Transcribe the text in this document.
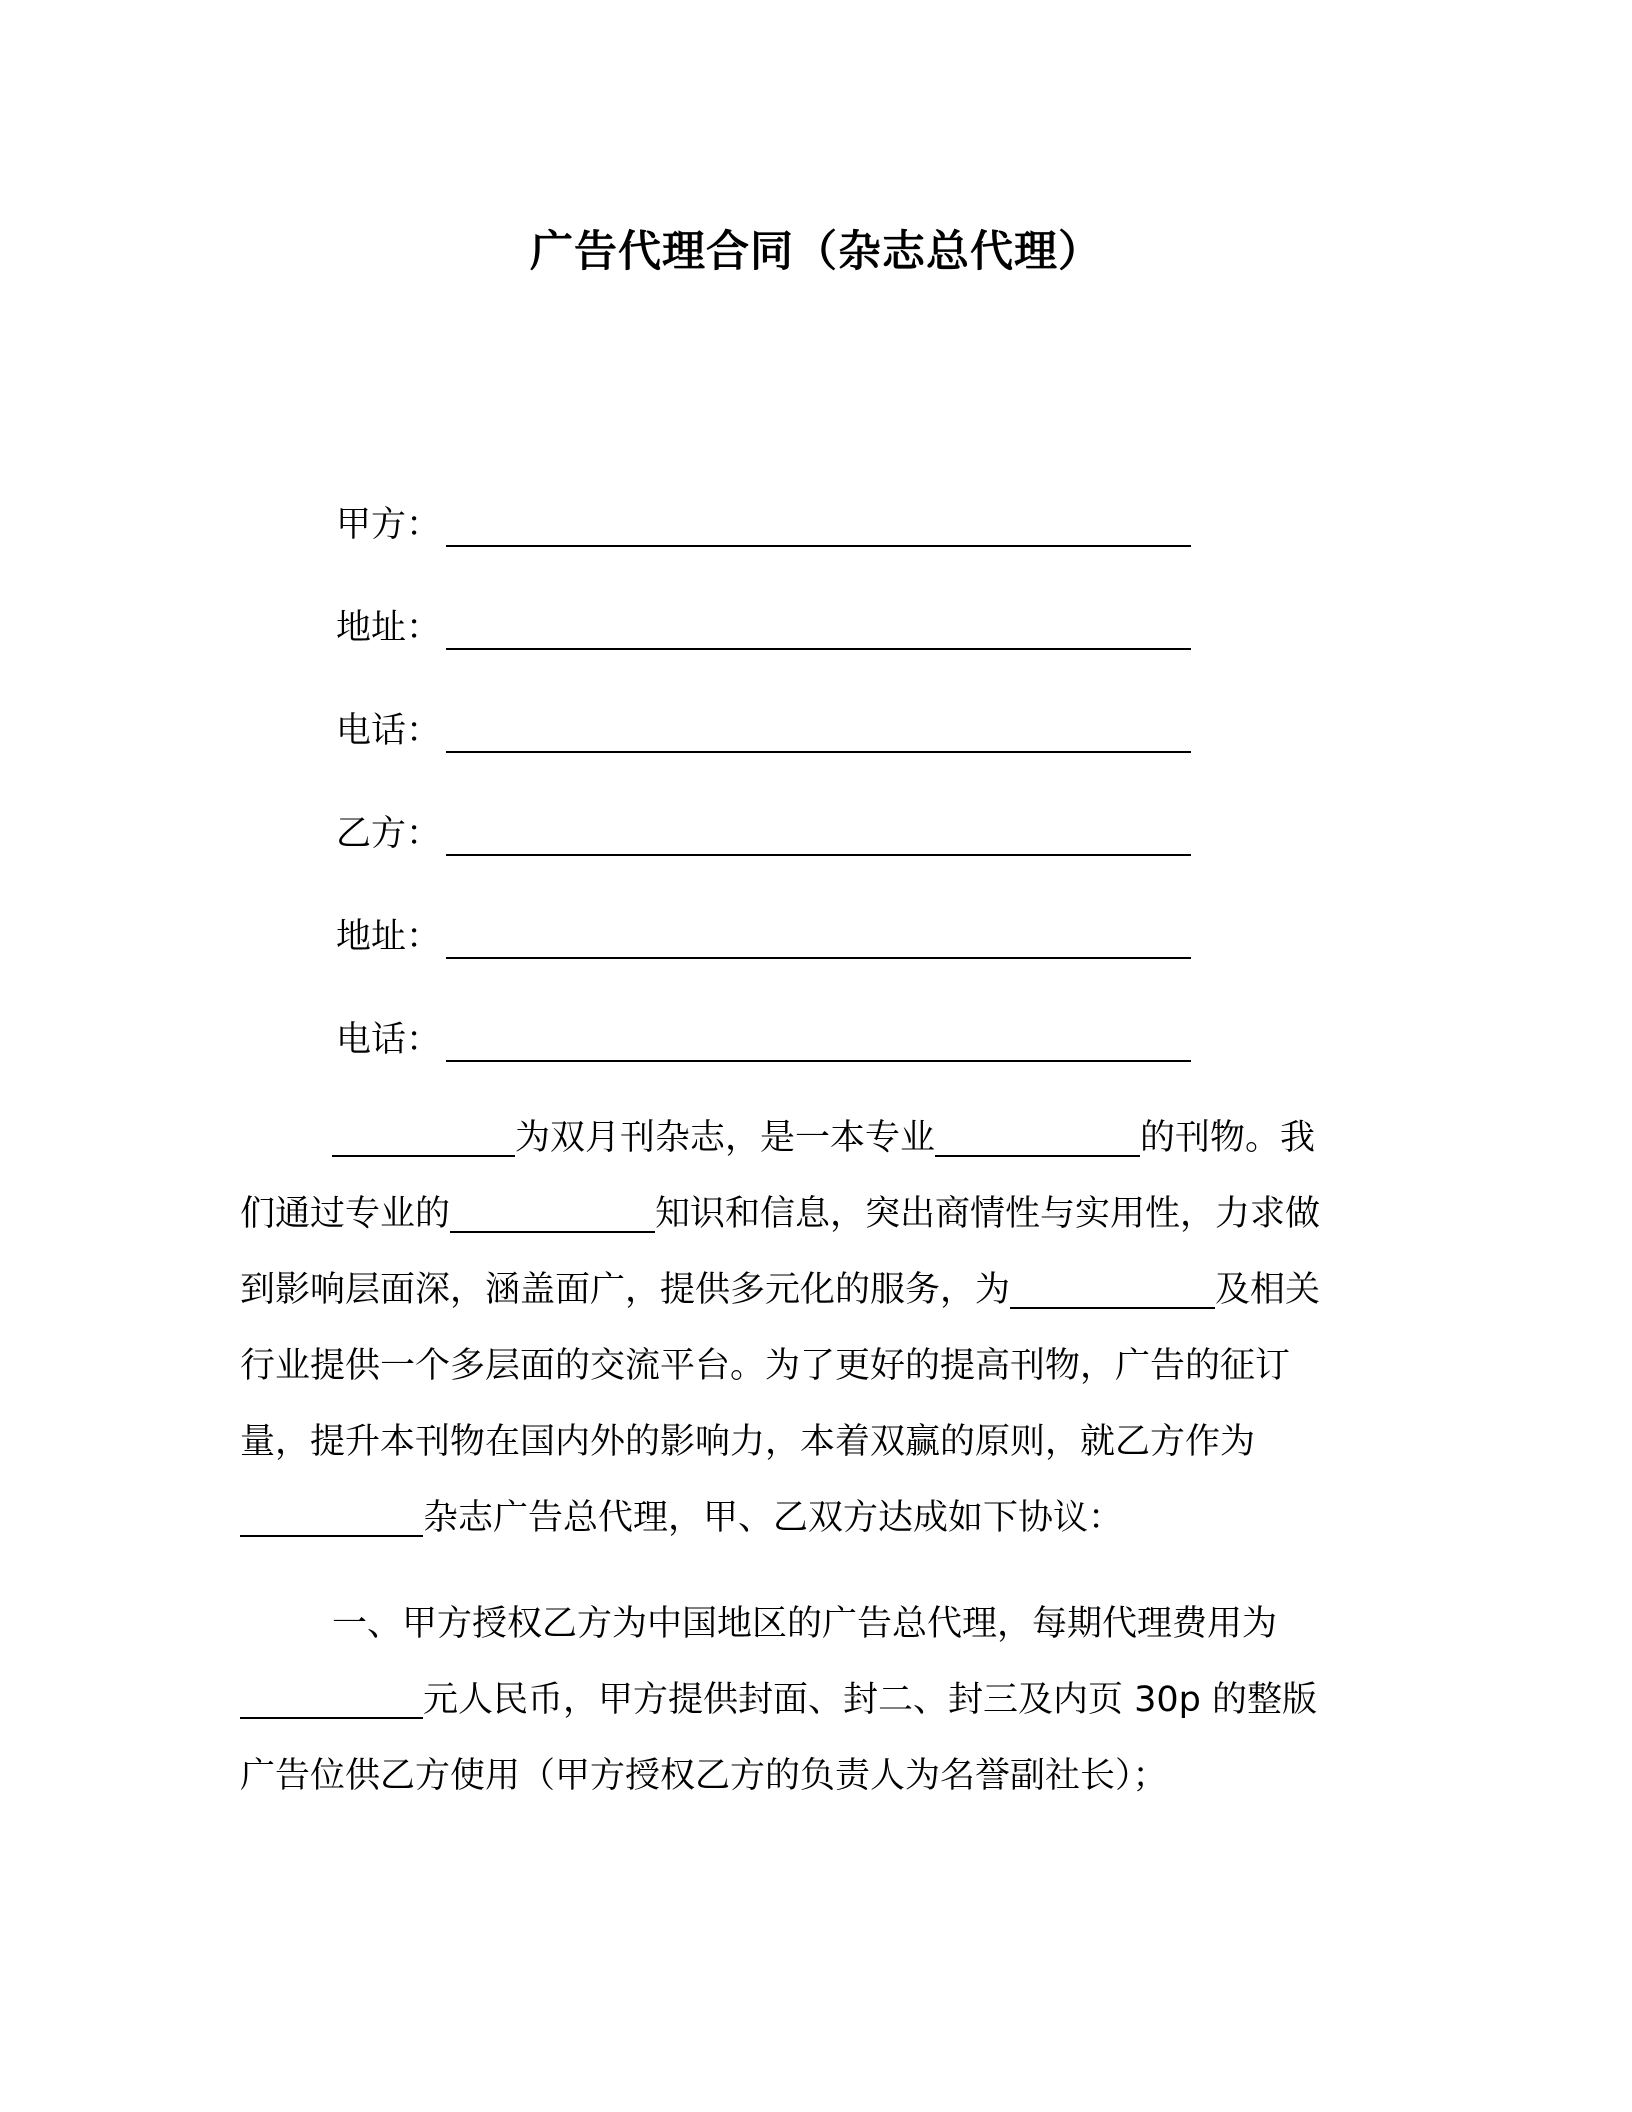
广告代理合同（杂志总代理）
甲方：
地址：
电话：
乙方：
地址：
电话：
为双月刊杂志，是一本专业	的刊物。我
们通过专业的	知识和信息，突出商情性与实用性，力求做
到影响层面深，涵盖面广，提供多元化的服务，为	及相关
行业提供一个多层面的交流平台。为了更好的提高刊物，广告的征订
量，提升本刊物在国内外的影响力，本着双赢的原则，就乙方作为
杂志广告总代理，甲、乙双方达成如下协议：
一、甲方授权乙方为中国地区的广告总代理，每期代理费用为
元人民币，甲方提供封面、封二、封三及内页 30p 的整版
广告位供乙方使用（甲方授权乙方的负责人为名誉副社长）；
